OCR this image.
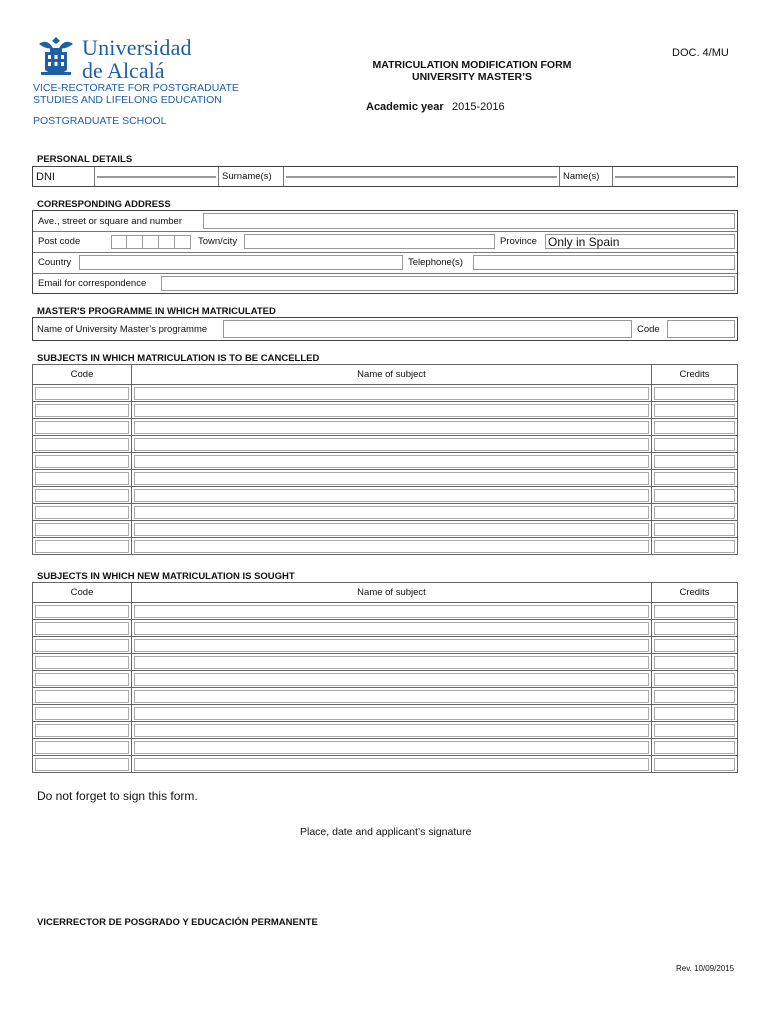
Universidad
de Alcalá
VICE-RECTORATE FOR POSTGRADUATE
STUDIES AND LIFELONG EDUCATION
POSTGRADUATE SCHOOL
DOC. 4/MU
MATRICULATION MODIFICATION FORM
UNIVERSITY MASTER’S
Academic year 2015-2016
PERSONAL DETAILS
DNI	Surname(s)	Name(s)
CORRESPONDING ADDRESS
Ave., street or square and number
Post code	Town/city	Province Only in Spain
Country	Telephone(s)
Email for correspondence
MASTER'S PROGRAMME IN WHICH MATRICULATED
Name of University Master’s programme	Code
SUBJECTS IN WHICH MATRICULATION IS TO BE CANCELLED
Code	Name of subject	Credits

SUBJECTS IN WHICH NEW MATRICULATION IS SOUGHT
Code	Name of subject	Credits

Do not forget to sign this form.
Place, date and applicant’s signature
VICERRECTOR DE POSGRADO Y EDUCACIÓN PERMANENTE
Rev. 10/09/2015
